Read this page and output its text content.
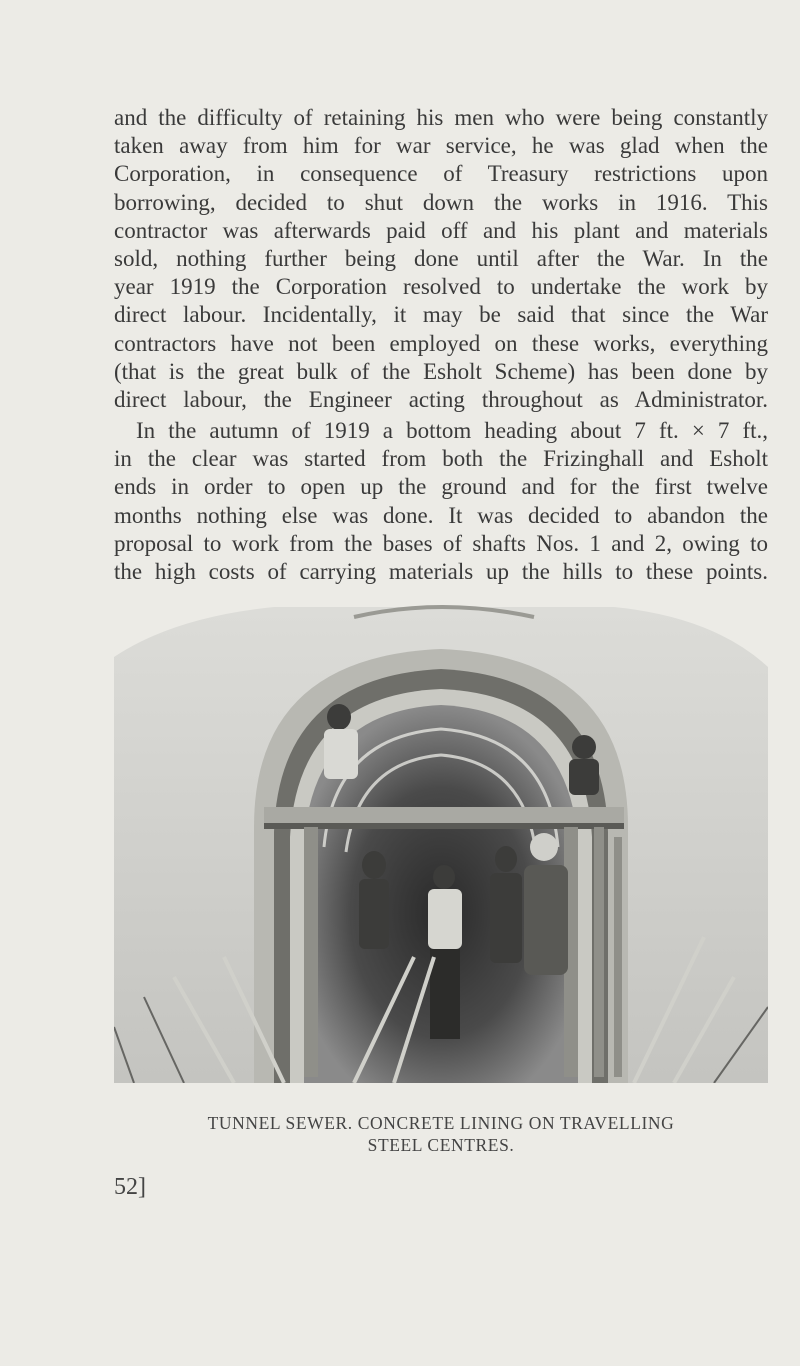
and the difficulty of retaining his men who were being constantly
taken away from him for war service, he was glad when the
Corporation, in consequence of Treasury restrictions upon
borrowing, decided to shut down the works in 1916. This
contractor was afterwards paid off and his plant and materials
sold, nothing further being done until after the War. In the
year 1919 the Corporation resolved to undertake the work by
direct labour. Incidentally, it may be said that since the War
contractors have not been employed on these works, everything
(that is the great bulk of the Esholt Scheme) has been done by
direct labour, the Engineer acting throughout as Administrator.
In the autumn of 1919 a bottom heading about 7 ft. × 7 ft.,
in the clear was started from both the Frizinghall and Esholt
ends in order to open up the ground and for the first twelve
months nothing else was done. It was decided to abandon the
proposal to work from the bases of shafts Nos. 1 and 2, owing to
the high costs of carrying materials up the hills to these points.

TUNNEL SEWER. CONCRETE LINING ON TRAVELLING

STEEL CENTRES.

52]
